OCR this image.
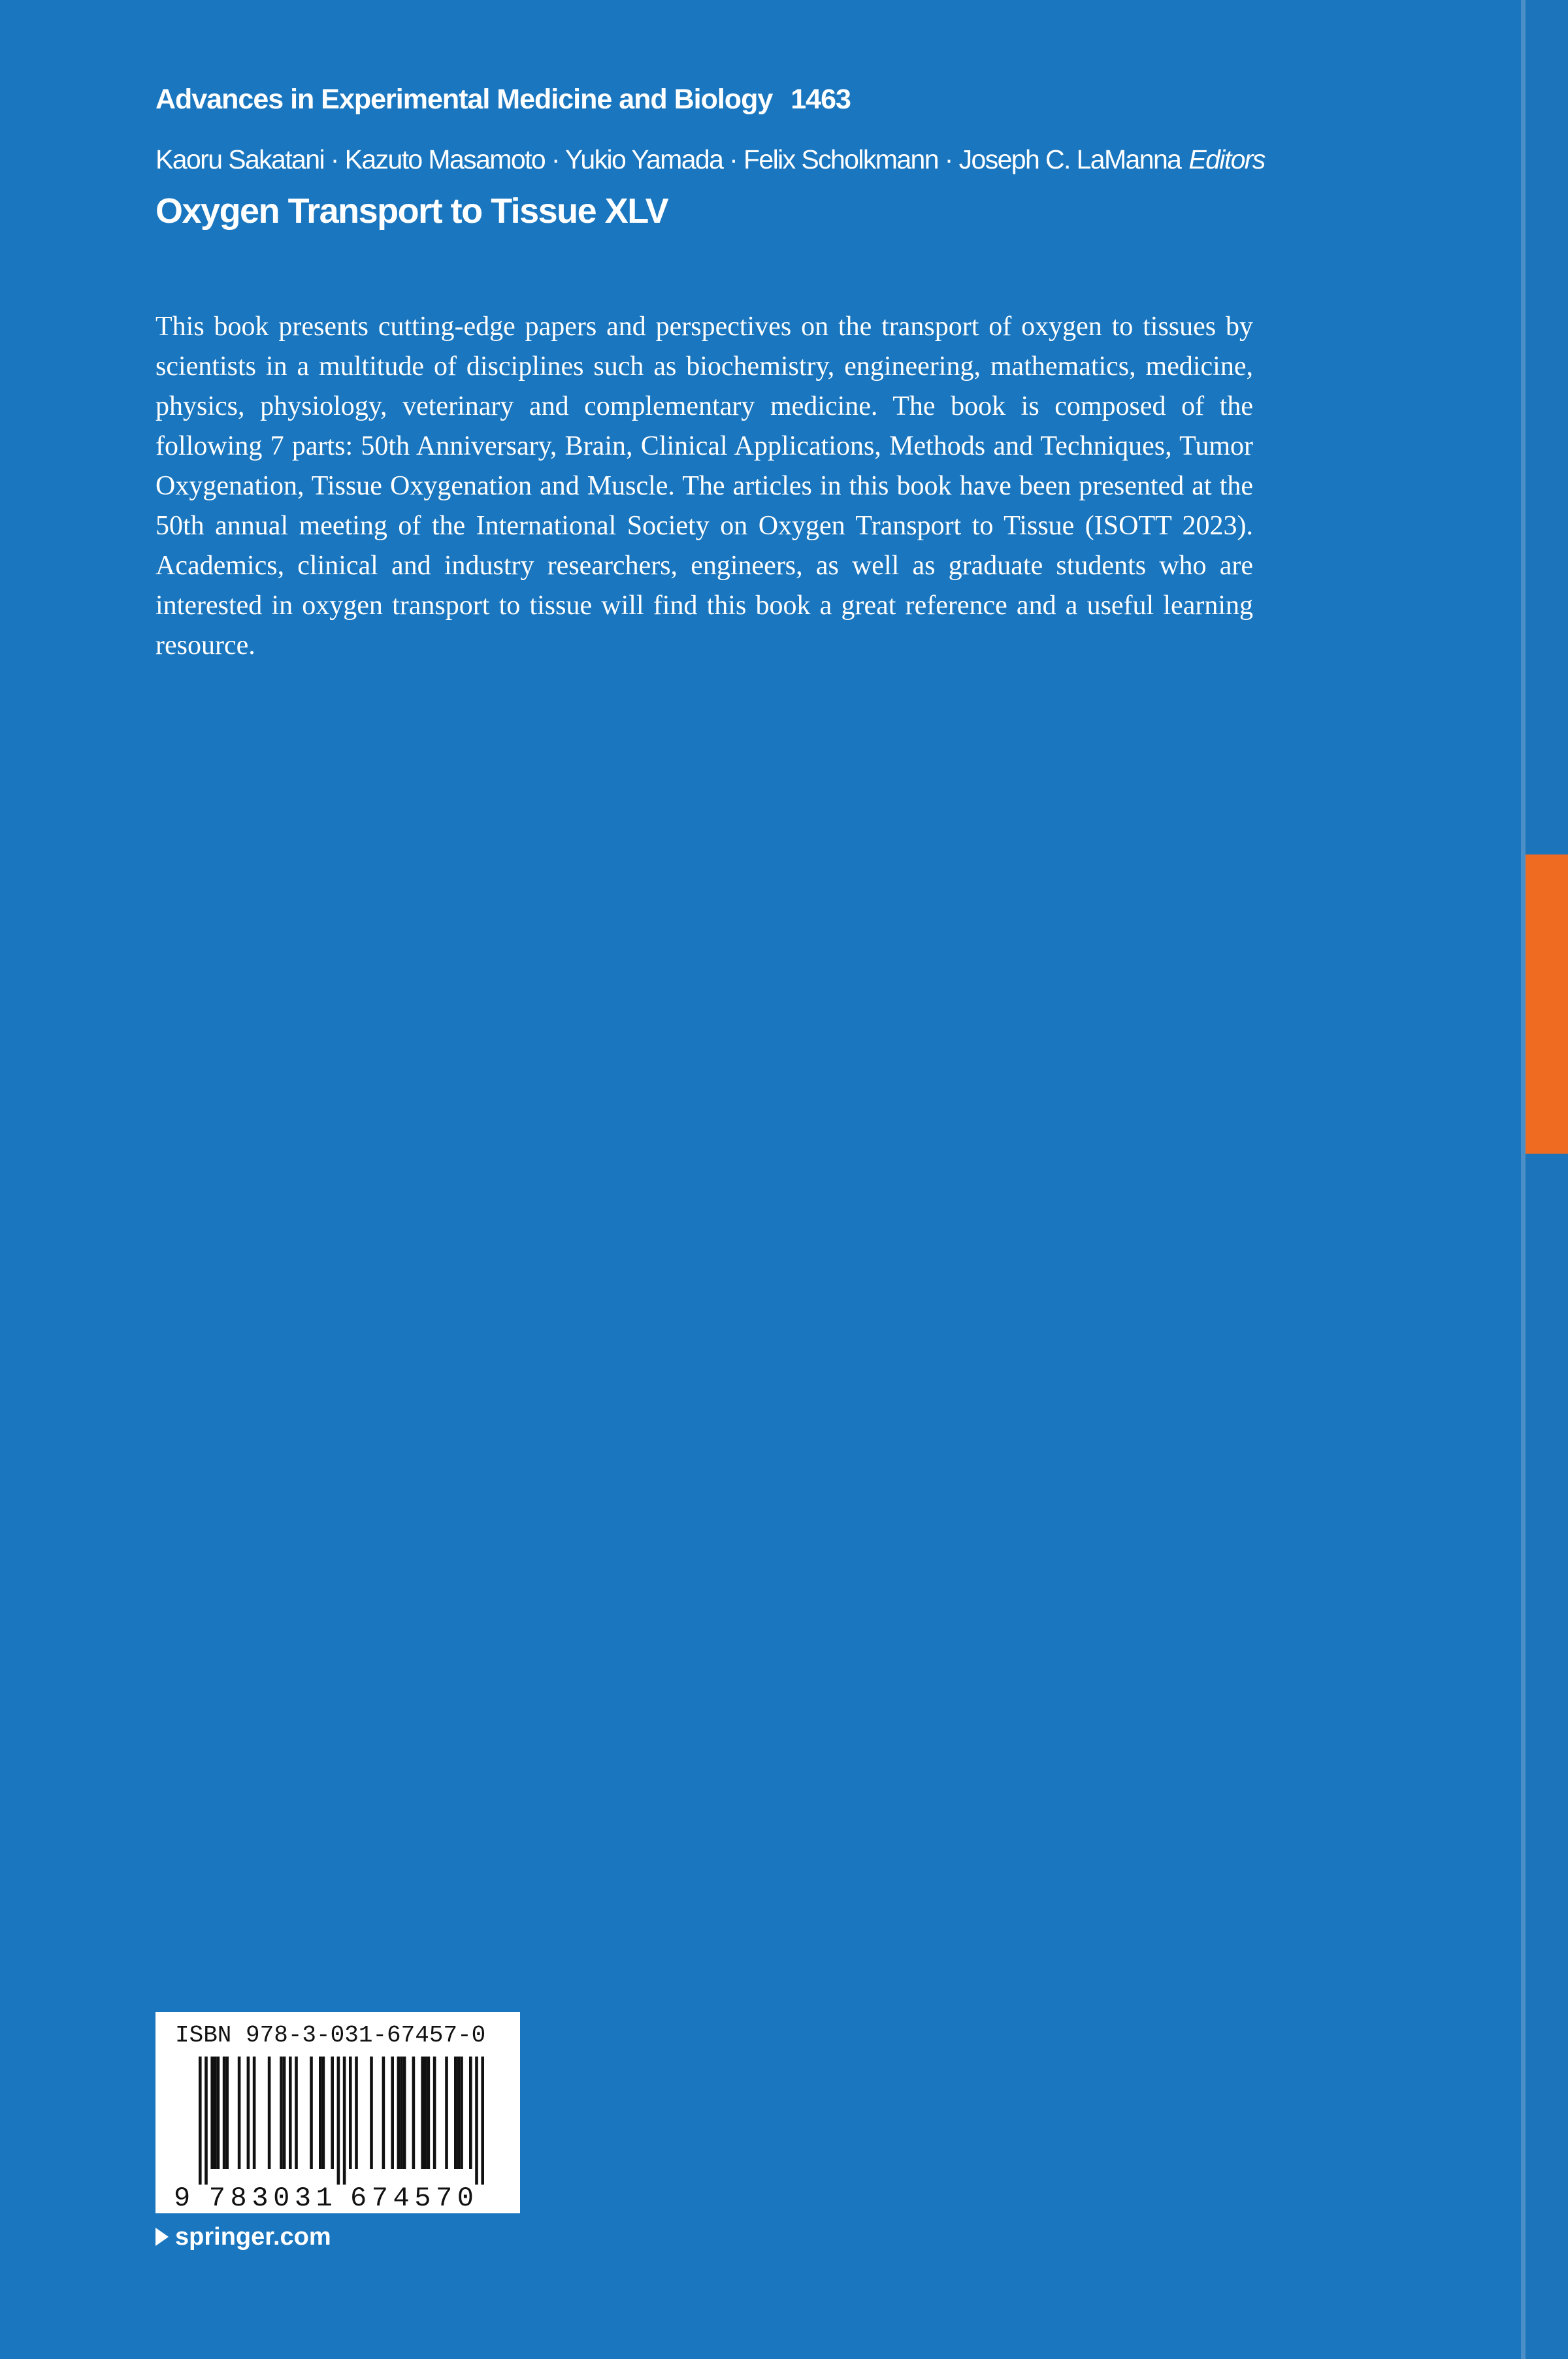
Advances in Experimental Medicine and Biology 1463
Kaoru Sakatani · Kazuto Masamoto · Yukio Yamada · Felix Scholkmann · Joseph C. LaManna Editors
Oxygen Transport to Tissue XLV

This book presents cutting-edge papers and perspectives on the transport of oxygen to tissues by scientists in a multitude of disciplines such as biochemistry, engineering, mathematics, medicine, physics, physiology, veterinary and complementary medicine. The book is composed of the following 7 parts: 50th Anniversary, Brain, Clinical Applications, Methods and Techniques, Tumor Oxygenation, Tissue Oxygenation and Muscle. The articles in this book have been presented at the 50th annual meeting of the International Society on Oxygen Transport to Tissue (ISOTT 2023). Academics, clinical and industry researchers, engineers, as well as graduate students who are interested in oxygen transport to tissue will find this book a great reference and a useful learning resource.

ISBN 978-3-031-67457-0
9 783031 674570
springer.com
